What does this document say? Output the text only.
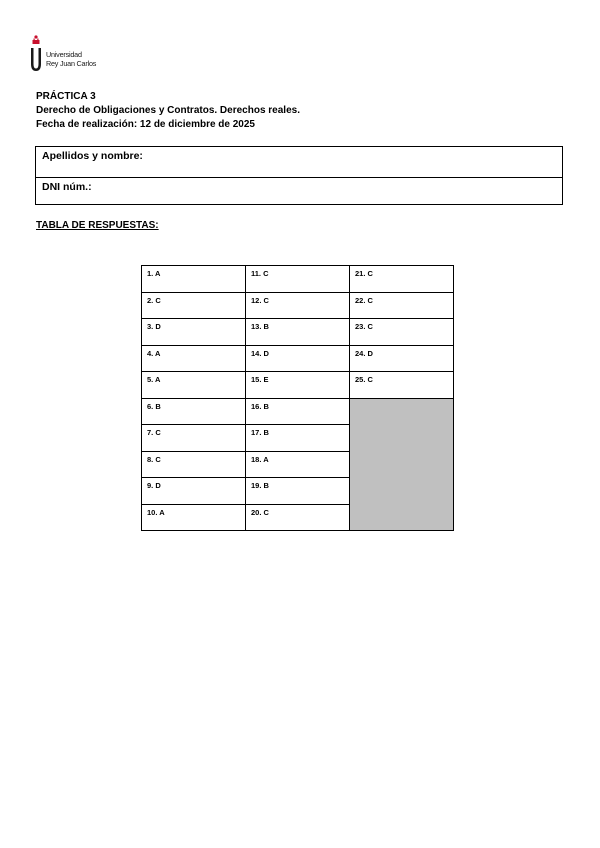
Universidad
Rey Juan Carlos
PRÁCTICA 3
Derecho de Obligaciones y Contratos. Derechos reales.
Fecha de realización: 12 de diciembre de 2025
Apellidos y nombre:
DNI núm.:
TABLA DE RESPUESTAS:
1. A	11. C	21. C
2. C	12. C	22. C
3. D	13. B	23. C
4. A	14. D	24. D
5. A	15. E	25. C
6. B	16. B	
7. C	17. B	
8. C	18. A	
9. D	19. B	
10. A	20. C	
